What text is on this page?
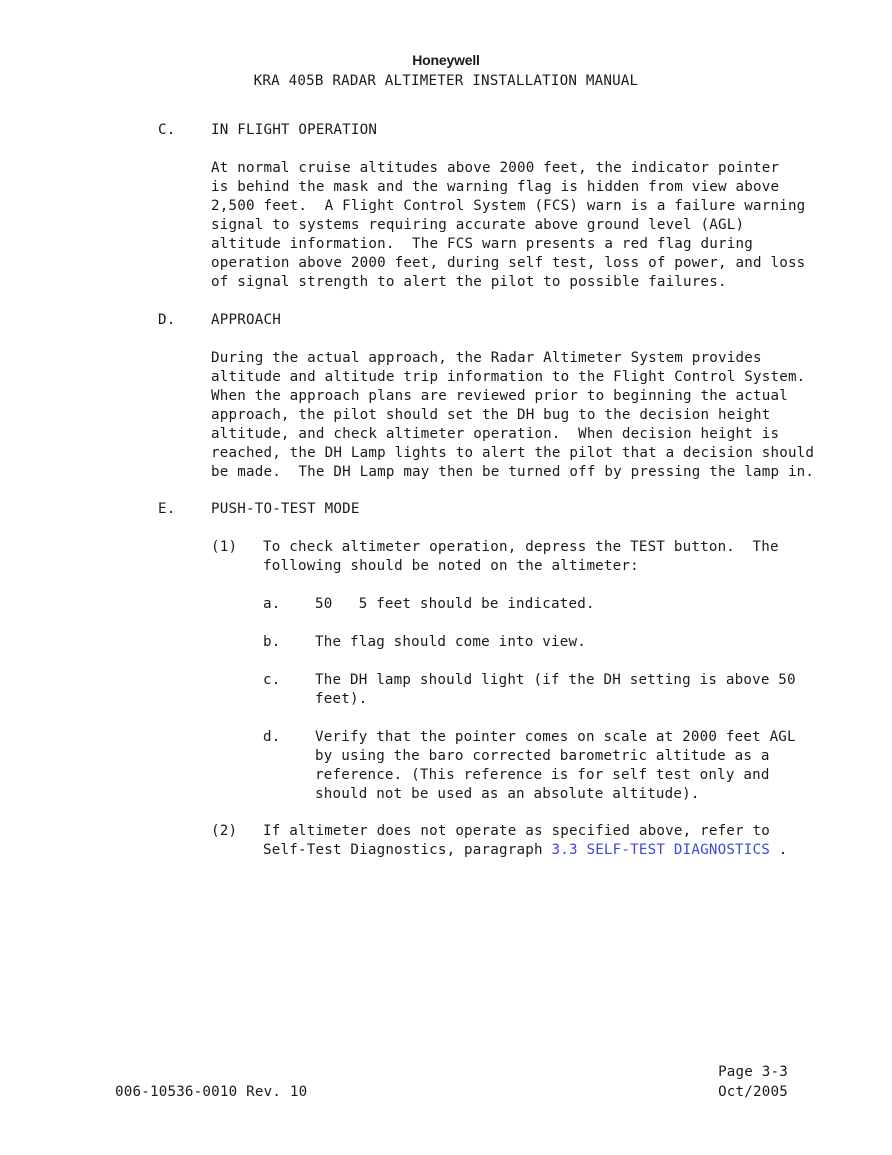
Honeywell
KRA 405B RADAR ALTIMETER INSTALLATION MANUAL
C.	IN FLIGHT OPERATION

At normal cruise altitudes above 2000 feet, the indicator pointer

is behind the mask and the warning flag is hidden from view above

2,500 feet.  A Flight Control System (FCS) warn is a failure warning

signal to systems requiring accurate above ground level (AGL)

altitude information.  The FCS warn presents a red flag during

operation above 2000 feet, during self test, loss of power, and loss

of signal strength to alert the pilot to possible failures.

D.	APPROACH

During the actual approach, the Radar Altimeter System provides

altitude and altitude trip information to the Flight Control System.

When the approach plans are reviewed prior to beginning the actual

approach, the pilot should set the DH bug to the decision height

altitude, and check altimeter operation.  When decision height is

reached, the DH Lamp lights to alert the pilot that a decision should

be made.  The DH Lamp may then be turned off by pressing the lamp in.

E.	PUSH-TO-TEST MODE
(1) To check altimeter operation, depress the TEST button.  The

following should be noted on the altimeter:

a. 50   5 feet should be indicated.

b. The flag should come into view.

c. The DH lamp should light (if the DH setting is above 50

feet).

d. Verify that the pointer comes on scale at 2000 feet AGL

by using the baro corrected barometric altitude as a

reference. (This reference is for self test only and

should not be used as an absolute altitude).

(2) If altimeter does not operate as specified above, refer to

Self-Test Diagnostics, paragraph 3.3 SELF-TEST DIAGNOSTICS .

Page 3-3
006-10536-0010 Rev. 10	Oct/2005
